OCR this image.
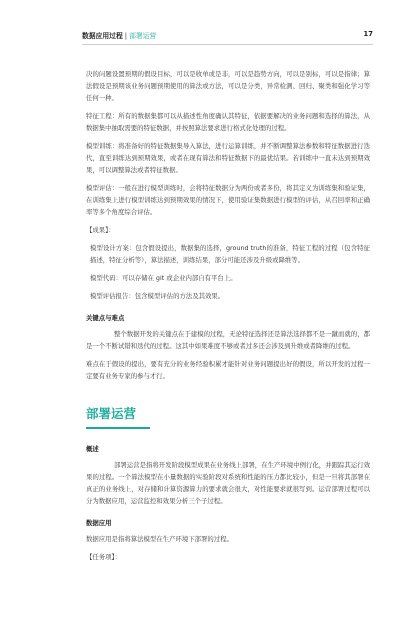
数据应用过程 | 部署运营	17

决的问题设置预期的假设目标，可以是收单或是非，可以是趋势方向，可以是别标，可以是指律；算法假设是预期该业务问题预期使用的算法或方法，可以是分类，异常检测、回归、聚类和强化学习等任何一种。

特征工程：所有的数据集都可以从描述性角度确认其特征，依据要解决的业务问题和选择的算法，从数据集中抽取需要的特征数据，并按照算法要求进行格式化处理的过程。

模型训练：将准备好的特征数据集导入算法，进行运算训练，并不断调整算法参数和特征数据进行迭代，直至训练达到预期效果，或者在现有算法和特征数据下的最优结果。若训练中一直未达到预期效果，可以调整算法或者特征数据。

模型评估：一般在进行模型训练时，会将特征数据分为两份或者多份，将其定义为训练集和验证集，在训练集上进行模型训练达到预期效果的情况下，使用验证集数据进行模型的评估，从召回率和正确率等多个角度综合评估。

【成果】：

模型设计方案：包含假设提出，数据集的选择，ground truth的准备，特征工程的过程（包含特征描述，特征分析等），算法描述，训练结果，部分可能还涉及升级或降维等。

模型代码：可以存储在 git 或企业内部自有平台上。

模型评估报告：包含模型评估的方法及其效果。

关键点与难点

整个数据开发的关键点在于建模的过程，无论特征选择还是算法选择都不是一蹴而就的，都是一个不断试错和迭代的过程。这其中如果难度不够或者过多还会涉及到升维或者降维的过程。

难点在于假设的提出，要有充分的业务经验积累才能针对业务问题提出好的假设，所以开发的过程一定要有业务专家的参与才行。

部署运营
概述

部署运营是指将开发阶段模型成果在业务线上部署，在生产环境中例行化，并跟踪其运行效果的过程。一个算法模型在小量数据的实验阶段对系统和性能的压力都比较小，但是一旦将其部署在真正的业务线上，对存储和计算资源算力的要求就会很大，对性能要求就很写到。运营部署过程可以分为数据应用，运营监控和效果分析三个子过程。

数据应用

数据应用是指将算法模型在生产环境下部署的过程。

【任务项】：
